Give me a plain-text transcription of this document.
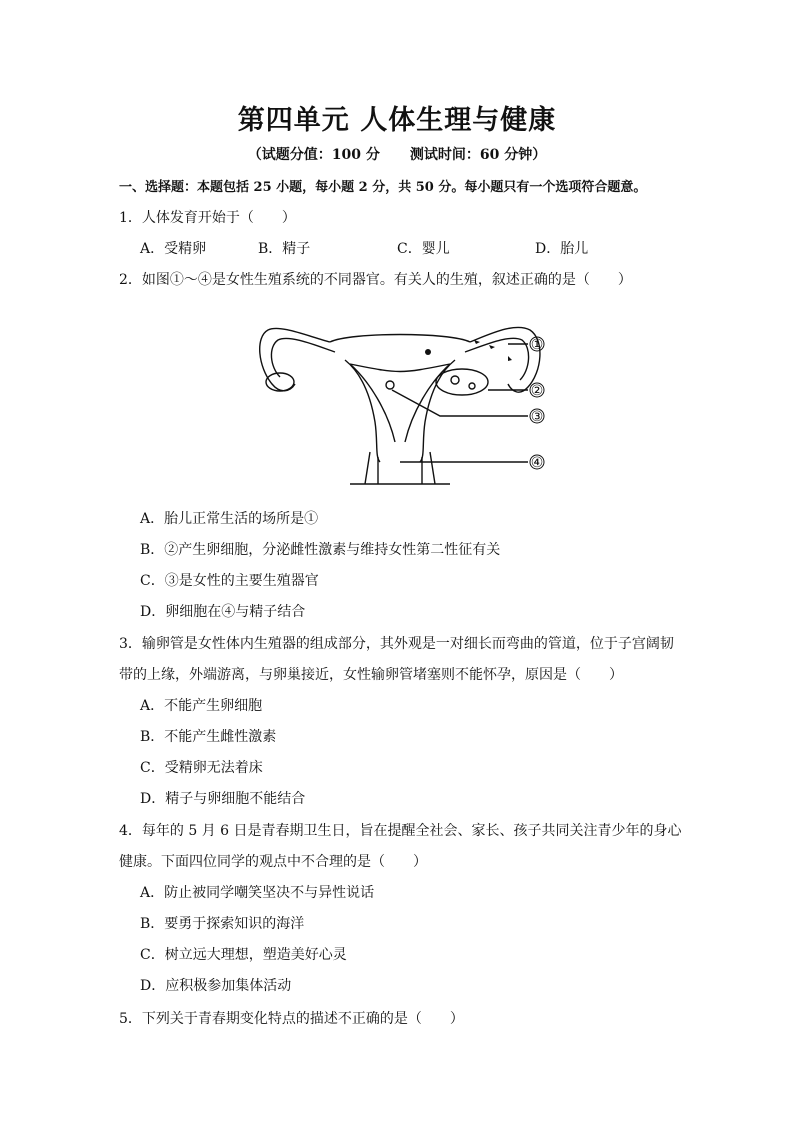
第四单元 人体生理与健康
（试题分值：100 分 测试时间：60 分钟）
一、选择题：本题包括 25 小题，每小题 2 分，共 50 分。每小题只有一个选项符合题意。
1．人体发育开始于（　　）
A．受精卵	B．精子	C．婴儿	D．胎儿
2．如图①～④是女性生殖系统的不同器官。有关人的生殖，叙述正确的是（　　）
①
②
③
④
A．胎儿正常生活的场所是①
B．②产生卵细胞，分泌雌性激素与维持女性第二性征有关
C．③是女性的主要生殖器官
D．卵细胞在④与精子结合
3．输卵管是女性体内生殖器的组成部分，其外观是一对细长而弯曲的管道，位于子宫阔韧
带的上缘，外端游离，与卵巢接近，女性输卵管堵塞则不能怀孕，原因是（　　）
A．不能产生卵细胞
B．不能产生雌性激素
C．受精卵无法着床
D．精子与卵细胞不能结合
4．每年的 5 月 6 日是青春期卫生日，旨在提醒全社会、家长、孩子共同关注青少年的身心
健康。下面四位同学的观点中不合理的是（　　）
A．防止被同学嘲笑坚决不与异性说话
B．要勇于探索知识的海洋
C．树立远大理想，塑造美好心灵
D．应积极参加集体活动
5．下列关于青春期变化特点的描述不正确的是（　　）
